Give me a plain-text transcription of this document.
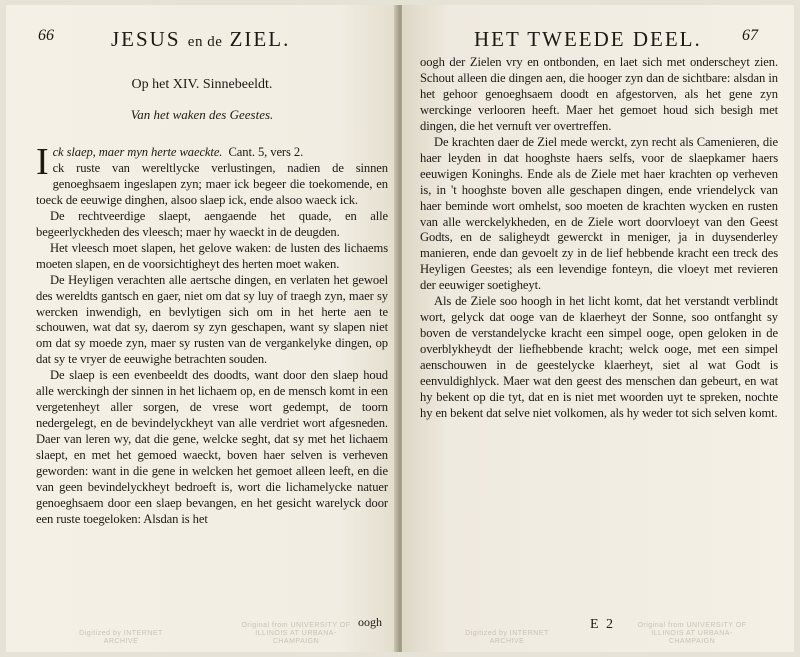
66	JESUS en de ZIEL.
Op het XIV. Sinnebeeldt.
Van het waken des Geestes.

Ick slaep, maer myn herte waeckte. Cant. 5, vers 2.
ck ruste van wereltlycke verlustingen, nadien de sinnen genoeghsaem ingeslapen zyn; maer ick begeer die toekomende, en toeck de eeuwige dinghen, alsoo slaep ick, ende alsoo waeck ick.

De rechtveerdige slaept, aengaende het quade, en alle begeerlyckheden des vleesch; maer hy waeckt in de deugden.

Het vleesch moet slapen, het gelove waken: de lusten des lichaems moeten slapen, en de voorsichtigheyt des herten moet waken.

De Heyligen verachten alle aertsche dingen, en verlaten het gewoel des wereldts gantsch en gaer, niet om dat sy luy of traegh zyn, maer sy wercken inwendigh, en bevlytigen sich om in het herte aen te schouwen, wat dat sy, daerom sy zyn geschapen, want sy slapen niet om dat sy moede zyn, maer sy rusten van de vergankelyke dingen, op dat sy te vryer de eeuwighe betrachten souden.

De slaep is een evenbeeldt des doodts, want door den slaep houd alle werckingh der sinnen in het lichaem op, en de mensch komt in een vergetenheyt aller sorgen, de vrese wort gedempt, de toorn nedergelegt, en de bevindelyckheyt van alle verdriet wort afgesneden. Daer van leren wy, dat die gene, welcke seght, dat sy met het lichaem slaept, en met het gemoed waeckt, boven haer selven is verheven geworden: want in die gene in welcken het gemoet alleen leeft, en die van geen bevindelyckheyt bedroeft is, wort die lichamelycke natuer genoeghsaem door een slaep bevangen, en het gesicht warelyck door een ruste toegeloken: Alsdan is het

oogh
Digitized by INTERNET ARCHIVE
Original from UNIVERSITY OF ILLINOIS AT URBANA-CHAMPAIGN
HET TWEEDE DEEL.	67

oogh der Zielen vry en ontbonden, en laet sich met onderscheyt zien. Schout alleen die dingen aen, die hooger zyn dan de sichtbare: alsdan in het gehoor genoeghsaem doodt en afgestorven, als het gene zyn werckinge verlooren heeft. Maer het gemoet houd sich besigh met dingen, die het vernuft ver overtreffen.

De krachten daer de Ziel mede werckt, zyn recht als Camenieren, die haer leyden in dat hooghste haers selfs, voor de slaepkamer haers eeuwigen Koninghs. Ende als de Ziele met haer krachten op verheven is, in 't hooghste boven alle geschapen dingen, ende vriendelyck van haer beminde wort omhelst, soo moeten de krachten wycken en rusten van alle werckelykheden, en de Ziele wort doorvloeyt van den Geest Godts, en de saligheydt gewerckt in meniger, ja in duysenderley manieren, ende dan gevoelt zy in de lief hebbende kracht een treck des Heyligen Geestes; als een levendige fonteyn, die vloeyt met revieren der eeuwiger soetigheyt.

Als de Ziele soo hoogh in het licht komt, dat het verstandt verblindt wort, gelyck dat ooge van de klaerheyt der Sonne, soo ontfanght sy boven de verstandelycke kracht een simpel ooge, open geloken in de overblykheydt der liefhebbende kracht; welck ooge, met een simpel aenschouwen in de geestelycke klaerheyt, siet al wat Godt is eenvuldighlyck. Maer wat den geest des menschen dan gebeurt, en wat hy bekent op die tyt, dat en is niet met woorden uyt te spreken, nochte hy en bekent dat selve niet volkomen, als hy weder tot sich selven komt.

E 2
Digitized by INTERNET ARCHIVE
Original from UNIVERSITY OF ILLINOIS AT URBANA-CHAMPAIGN
